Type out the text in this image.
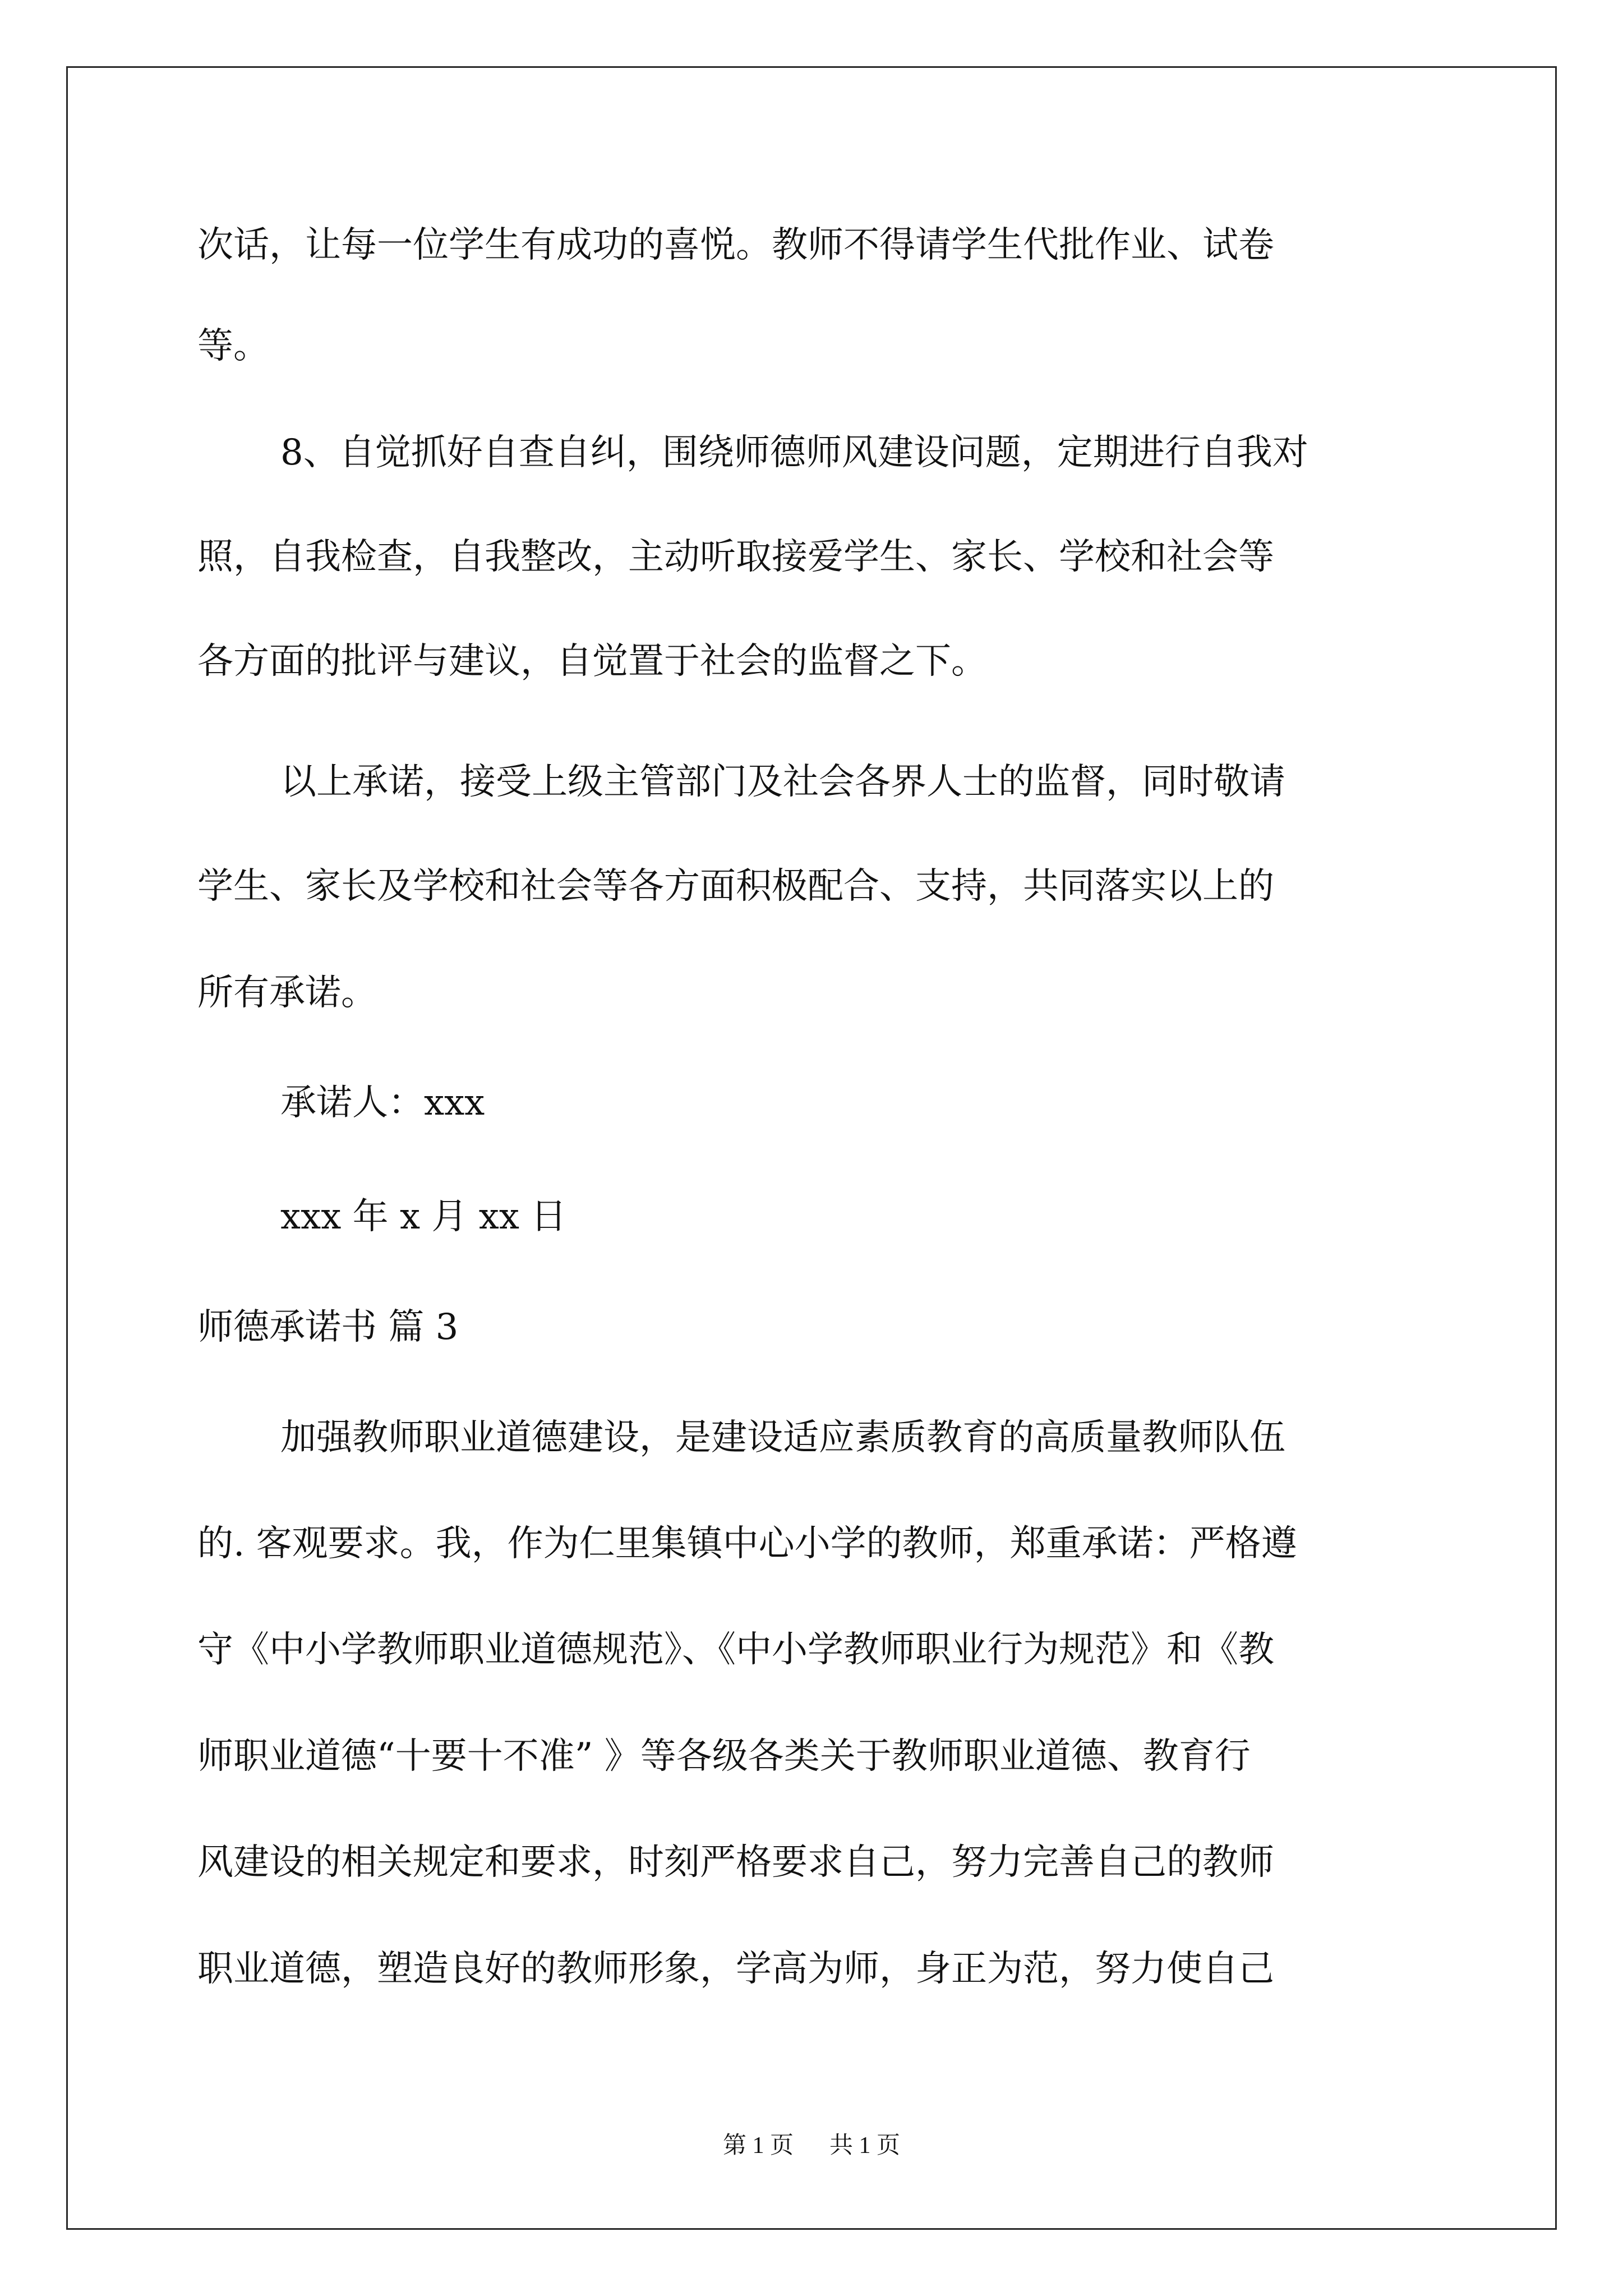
次话，让每一位学生有成功的喜悦。教师不得请学生代批作业、试卷

等。

8、自觉抓好自查自纠，围绕师德师风建设问题，定期进行自我对

照，自我检查，自我整改，主动听取接爱学生、家长、学校和社会等

各方面的批评与建议，自觉置于社会的监督之下。

以上承诺，接受上级主管部门及社会各界人士的监督，同时敬请

学生、家长及学校和社会等各方面积极配合、支持，共同落实以上的

所有承诺。

承诺人：xxx

xxx 年 x 月 xx 日

师德承诺书 篇 3

加强教师职业道德建设，是建设适应素质教育的高质量教师队伍

的. 客观要求。我，作为仁里集镇中心小学的教师，郑重承诺：严格遵

守《中小学教师职业道德规范》、《中小学教师职业行为规范》和《教

师职业道德“十要十不准” 》等各级各类关于教师职业道德、教育行

风建设的相关规定和要求，时刻严格要求自己，努力完善自己的教师

职业道德，塑造良好的教师形象，学高为师，身正为范，努力使自己

第 1 页 共 1 页
